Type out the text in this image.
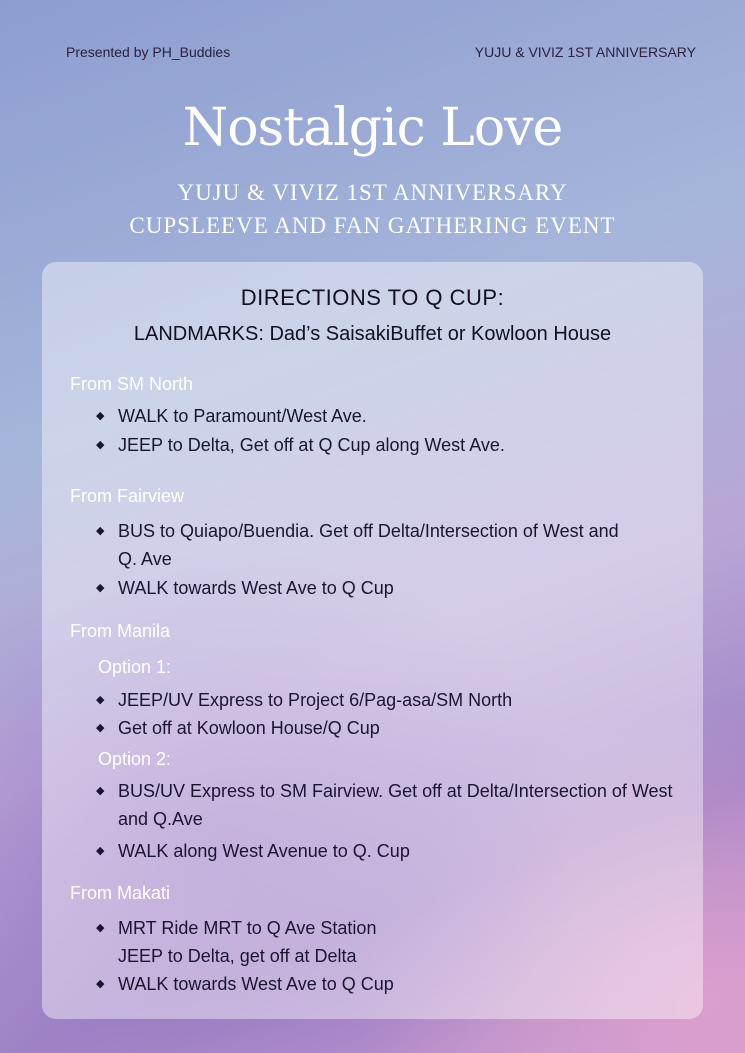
Presented by PH_Buddies	YUJU & VIVIZ 1ST ANNIVERSARY
Nostalgic Love
YUJU & VIVIZ 1ST ANNIVERSARY
CUPSLEEVE AND FAN GATHERING EVENT
DIRECTIONS TO Q CUP:
LANDMARKS: Dad’s SaisakiBuffet or Kowloon House
From SM North
◆ WALK to Paramount/West Ave.
◆ JEEP to Delta, Get off at Q Cup along West Ave.
From Fairview
◆ BUS to Quiapo/Buendia. Get off Delta/Intersection of West and Q. Ave
◆ WALK towards West Ave to Q Cup
From Manila
Option 1:
◆ JEEP/UV Express to Project 6/Pag-asa/SM North
◆ Get off at Kowloon House/Q Cup
Option 2:
◆ BUS/UV Express to SM Fairview. Get off at Delta/Intersection of West and Q.Ave
◆ WALK along West Avenue to Q. Cup
From Makati
◆ MRT Ride MRT to Q Ave Station JEEP to Delta, get off at Delta
◆ WALK towards West Ave to Q Cup
